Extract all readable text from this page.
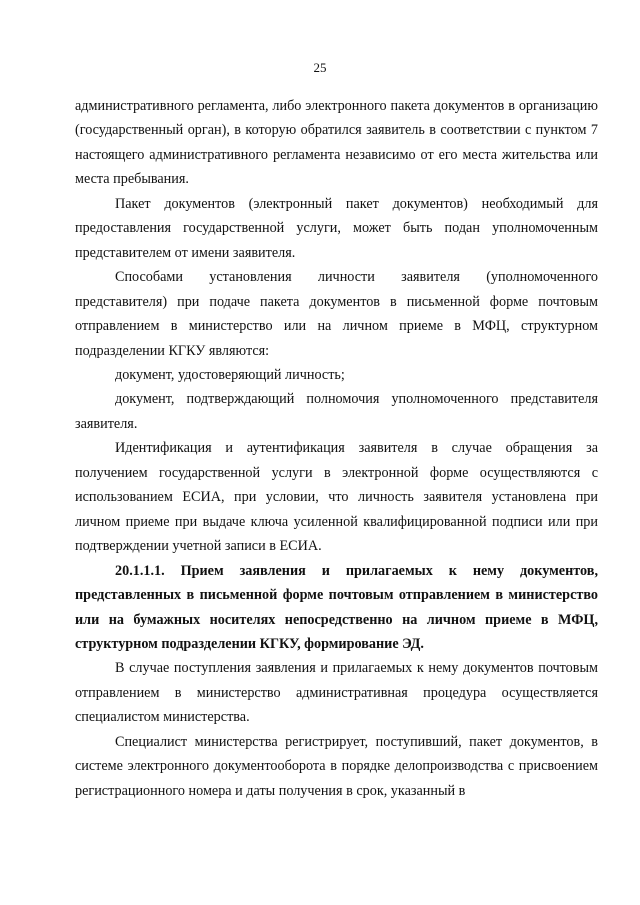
25

административного регламента, либо электронного пакета документов в организацию (государственный орган), в которую обратился заявитель в соответствии с пунктом 7 настоящего административного регламента независимо от его места жительства или места пребывания.

Пакет документов (электронный пакет документов) необходимый для предоставления государственной услуги, может быть подан уполномоченным представителем от имени заявителя.

Способами установления личности заявителя (уполномоченного представителя) при подаче пакета документов в письменной форме почтовым отправлением в министерство или на личном приеме в МФЦ, структурном подразделении КГКУ являются:

документ, удостоверяющий личность;

документ, подтверждающий полномочия уполномоченного представителя заявителя.

Идентификация и аутентификация заявителя в случае обращения за получением государственной услуги в электронной форме осуществляются с использованием ЕСИА, при условии, что личность заявителя установлена при личном приеме при выдаче ключа усиленной квалифицированной подписи или при подтверждении учетной записи в ЕСИА.

20.1.1.1. Прием заявления и прилагаемых к нему документов, представленных в письменной форме почтовым отправлением в министерство или на бумажных носителях непосредственно на личном приеме в МФЦ, структурном подразделении КГКУ, формирование ЭД.

В случае поступления заявления и прилагаемых к нему документов почтовым отправлением в министерство административная процедура осуществляется специалистом министерства.

Специалист министерства регистрирует, поступивший, пакет документов, в системе электронного документооборота в порядке делопроизводства с присвоением регистрационного номера и даты получения в срок, указанный в
